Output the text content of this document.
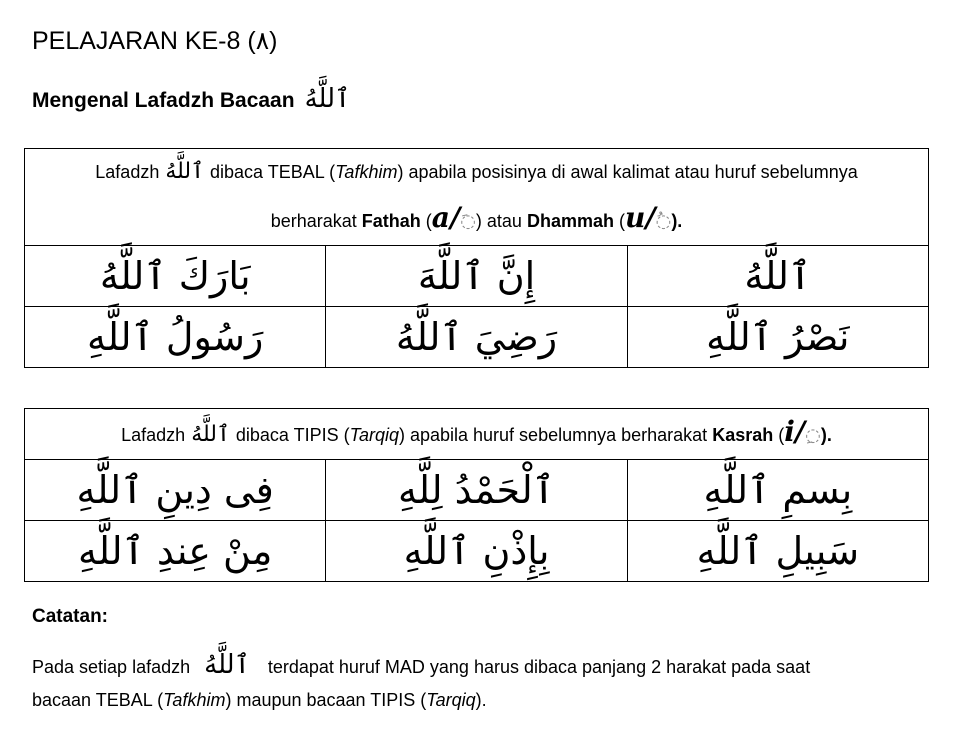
PELAJARAN KE-8 (٨)
Mengenal Lafadzh Bacaan ٱللَّهُ
Lafadzh ٱللَّهُ dibaca TEBAL (Tafkhim) apabila posisinya di awal kalimat atau huruf sebelumnya
berharakat Fathah (a/◌َ) atau Dhammah (u/◌ُ).		

بَارَكَ ٱللَّهُ	إِنَّ ٱللَّهَ	ٱللَّهُ
رَسُولُ ٱللَّهِ	رَضِيَ ٱللَّهُ	نَصْرُ ٱللَّهِ
Lafadzh ٱللَّهُ dibaca TIPIS (Tarqiq) apabila huruf sebelumnya berharakat Kasrah (i/◌ِ).		

فِى دِينِ ٱللَّهِ	ٱلْحَمْدُ لِلَّهِ	بِسمِ ٱللَّهِ
مِنْ عِندِ ٱللَّهِ	بِإِذْنِ ٱللَّهِ	سَبِيلِ ٱللَّهِ
Catatan:
Pada setiap lafadzh ٱللَّهُ terdapat huruf MAD yang harus dibaca panjang 2 harakat pada saat
bacaan TEBAL (Tafkhim) maupun bacaan TIPIS (Tarqiq).
